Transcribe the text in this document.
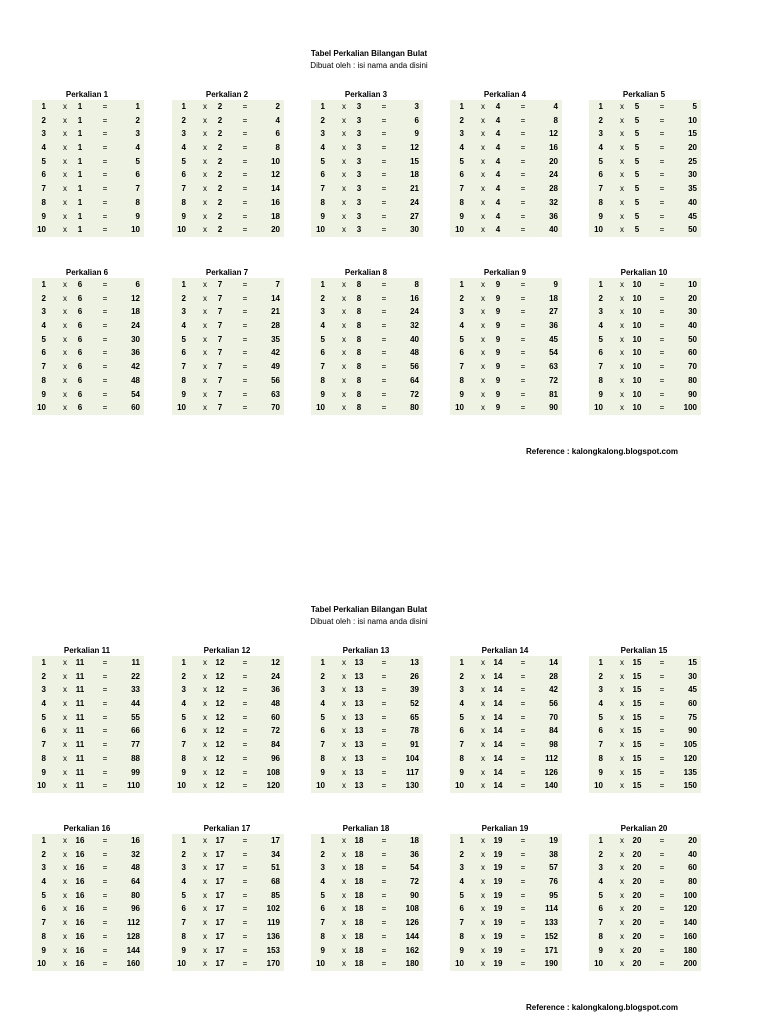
Tabel Perkalian Bilangan Bulat
Dibuat oleh : isi nama anda disini
Perkalian 1
1	x	1	=	1
2	x	1	=	2
3	x	1	=	3
4	x	1	=	4
5	x	1	=	5
6	x	1	=	6
7	x	1	=	7
8	x	1	=	8
9	x	1	=	9
10	x	1	=	10
Perkalian 2
1	x	2	=	2
2	x	2	=	4
3	x	2	=	6
4	x	2	=	8
5	x	2	=	10
6	x	2	=	12
7	x	2	=	14
8	x	2	=	16
9	x	2	=	18
10	x	2	=	20
Perkalian 3
1	x	3	=	3
2	x	3	=	6
3	x	3	=	9
4	x	3	=	12
5	x	3	=	15
6	x	3	=	18
7	x	3	=	21
8	x	3	=	24
9	x	3	=	27
10	x	3	=	30
Perkalian 4
1	x	4	=	4
2	x	4	=	8
3	x	4	=	12
4	x	4	=	16
5	x	4	=	20
6	x	4	=	24
7	x	4	=	28
8	x	4	=	32
9	x	4	=	36
10	x	4	=	40
Perkalian 5
1	x	5	=	5
2	x	5	=	10
3	x	5	=	15
4	x	5	=	20
5	x	5	=	25
6	x	5	=	30
7	x	5	=	35
8	x	5	=	40
9	x	5	=	45
10	x	5	=	50
Perkalian 6
1	x	6	=	6
2	x	6	=	12
3	x	6	=	18
4	x	6	=	24
5	x	6	=	30
6	x	6	=	36
7	x	6	=	42
8	x	6	=	48
9	x	6	=	54
10	x	6	=	60
Perkalian 7
1	x	7	=	7
2	x	7	=	14
3	x	7	=	21
4	x	7	=	28
5	x	7	=	35
6	x	7	=	42
7	x	7	=	49
8	x	7	=	56
9	x	7	=	63
10	x	7	=	70
Perkalian 8
1	x	8	=	8
2	x	8	=	16
3	x	8	=	24
4	x	8	=	32
5	x	8	=	40
6	x	8	=	48
7	x	8	=	56
8	x	8	=	64
9	x	8	=	72
10	x	8	=	80
Perkalian 9
1	x	9	=	9
2	x	9	=	18
3	x	9	=	27
4	x	9	=	36
5	x	9	=	45
6	x	9	=	54
7	x	9	=	63
8	x	9	=	72
9	x	9	=	81
10	x	9	=	90
Perkalian 10
1	x	10	=	10
2	x	10	=	20
3	x	10	=	30
4	x	10	=	40
5	x	10	=	50
6	x	10	=	60
7	x	10	=	70
8	x	10	=	80
9	x	10	=	90
10	x	10	=	100
Reference : kalongkalong.blogspot.com
Tabel Perkalian Bilangan Bulat
Dibuat oleh : isi nama anda disini
Perkalian 11
1	x	11	=	11
2	x	11	=	22
3	x	11	=	33
4	x	11	=	44
5	x	11	=	55
6	x	11	=	66
7	x	11	=	77
8	x	11	=	88
9	x	11	=	99
10	x	11	=	110
Perkalian 12
1	x	12	=	12
2	x	12	=	24
3	x	12	=	36
4	x	12	=	48
5	x	12	=	60
6	x	12	=	72
7	x	12	=	84
8	x	12	=	96
9	x	12	=	108
10	x	12	=	120
Perkalian 13
1	x	13	=	13
2	x	13	=	26
3	x	13	=	39
4	x	13	=	52
5	x	13	=	65
6	x	13	=	78
7	x	13	=	91
8	x	13	=	104
9	x	13	=	117
10	x	13	=	130
Perkalian 14
1	x	14	=	14
2	x	14	=	28
3	x	14	=	42
4	x	14	=	56
5	x	14	=	70
6	x	14	=	84
7	x	14	=	98
8	x	14	=	112
9	x	14	=	126
10	x	14	=	140
Perkalian 15
1	x	15	=	15
2	x	15	=	30
3	x	15	=	45
4	x	15	=	60
5	x	15	=	75
6	x	15	=	90
7	x	15	=	105
8	x	15	=	120
9	x	15	=	135
10	x	15	=	150
Perkalian 16
1	x	16	=	16
2	x	16	=	32
3	x	16	=	48
4	x	16	=	64
5	x	16	=	80
6	x	16	=	96
7	x	16	=	112
8	x	16	=	128
9	x	16	=	144
10	x	16	=	160
Perkalian 17
1	x	17	=	17
2	x	17	=	34
3	x	17	=	51
4	x	17	=	68
5	x	17	=	85
6	x	17	=	102
7	x	17	=	119
8	x	17	=	136
9	x	17	=	153
10	x	17	=	170
Perkalian 18
1	x	18	=	18
2	x	18	=	36
3	x	18	=	54
4	x	18	=	72
5	x	18	=	90
6	x	18	=	108
7	x	18	=	126
8	x	18	=	144
9	x	18	=	162
10	x	18	=	180
Perkalian 19
1	x	19	=	19
2	x	19	=	38
3	x	19	=	57
4	x	19	=	76
5	x	19	=	95
6	x	19	=	114
7	x	19	=	133
8	x	19	=	152
9	x	19	=	171
10	x	19	=	190
Perkalian 20
1	x	20	=	20
2	x	20	=	40
3	x	20	=	60
4	x	20	=	80
5	x	20	=	100
6	x	20	=	120
7	x	20	=	140
8	x	20	=	160
9	x	20	=	180
10	x	20	=	200
Reference : kalongkalong.blogspot.com
